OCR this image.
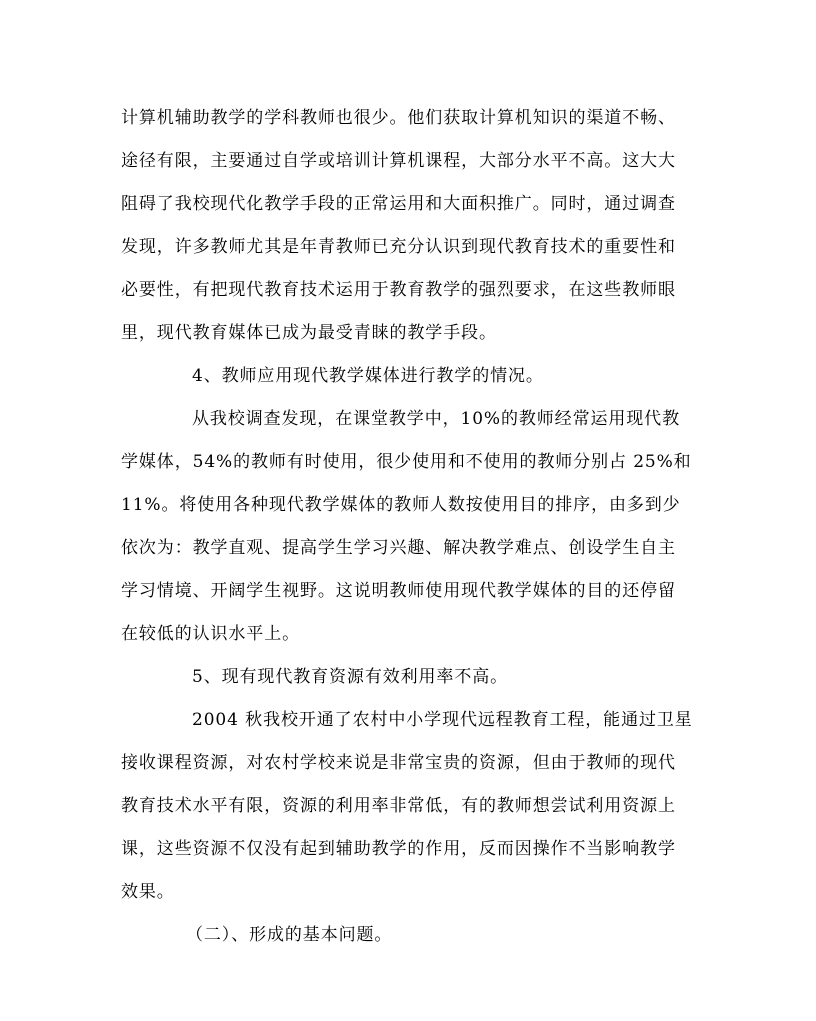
计算机辅助教学的学科教师也很少。他们获取计算机知识的渠道不畅、
途径有限，主要通过自学或培训计算机课程，大部分水平不高。这大大
阻碍了我校现代化教学手段的正常运用和大面积推广。同时，通过调查
发现，许多教师尤其是年青教师已充分认识到现代教育技术的重要性和
必要性，有把现代教育技术运用于教育教学的强烈要求，在这些教师眼
里，现代教育媒体已成为最受青睐的教学手段。
4、教师应用现代教学媒体进行教学的情况。
从我校调查发现，在课堂教学中，10%的教师经常运用现代教
学媒体，54%的教师有时使用，很少使用和不使用的教师分别占 25%和
11%。将使用各种现代教学媒体的教师人数按使用目的排序，由多到少
依次为：教学直观、提高学生学习兴趣、解决教学难点、创设学生自主
学习情境、开阔学生视野。这说明教师使用现代教学媒体的目的还停留
在较低的认识水平上。
5、现有现代教育资源有效利用率不高。
2004 秋我校开通了农村中小学现代远程教育工程，能通过卫星
接收课程资源，对农村学校来说是非常宝贵的资源，但由于教师的现代
教育技术水平有限，资源的利用率非常低，有的教师想尝试利用资源上
课，这些资源不仅没有起到辅助教学的作用，反而因操作不当影响教学
效果。
（二）、形成的基本问题。
